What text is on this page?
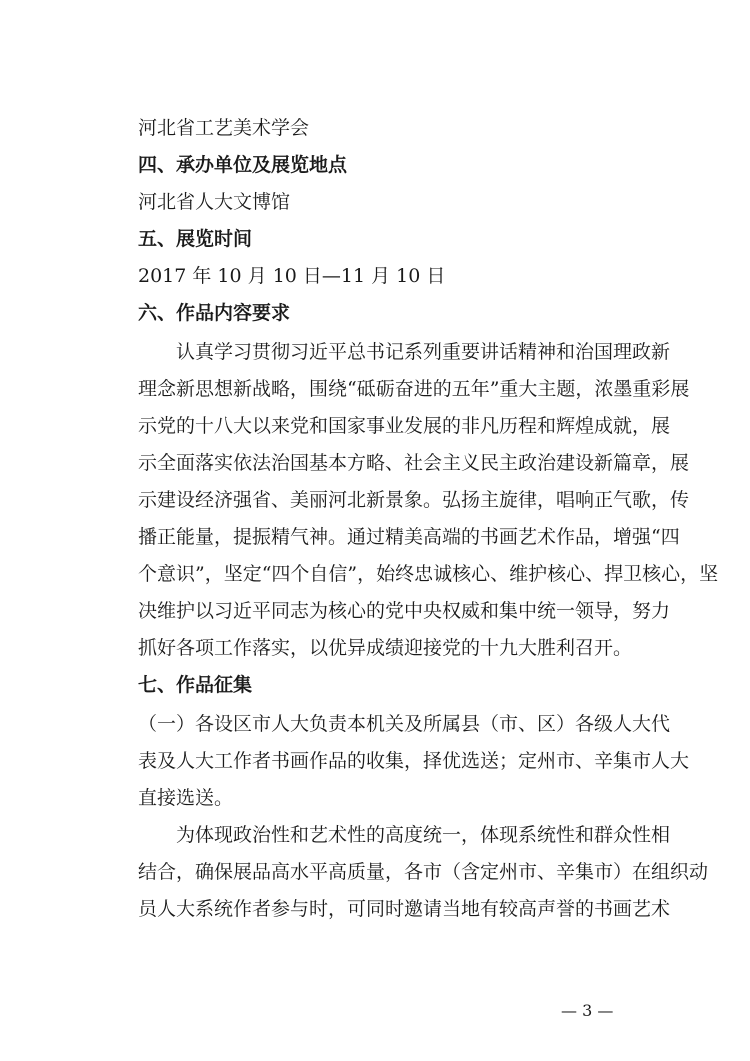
河北省工艺美术学会
四、承办单位及展览地点
河北省人大文博馆
五、展览时间
2017 年 10 月 10 日—11 月 10 日
六、作品内容要求
认真学习贯彻习近平总书记系列重要讲话精神和治国理政新
理念新思想新战略，围绕“砥砺奋进的五年”重大主题，浓墨重彩展
示党的十八大以来党和国家事业发展的非凡历程和辉煌成就，展
示全面落实依法治国基本方略、社会主义民主政治建设新篇章，展
示建设经济强省、美丽河北新景象。弘扬主旋律，唱响正气歌，传
播正能量，提振精气神。通过精美高端的书画艺术作品，增强“四
个意识”，坚定“四个自信”，始终忠诚核心、维护核心、捍卫核心，坚
决维护以习近平同志为核心的党中央权威和集中统一领导，努力
抓好各项工作落实，以优异成绩迎接党的十九大胜利召开。
七、作品征集
（一）各设区市人大负责本机关及所属县（市、区）各级人大代
表及人大工作者书画作品的收集，择优选送；定州市、辛集市人大
直接选送。
为体现政治性和艺术性的高度统一，体现系统性和群众性相
结合，确保展品高水平高质量，各市（含定州市、辛集市）在组织动
员人大系统作者参与时，可同时邀请当地有较高声誉的书画艺术
— 3 —
